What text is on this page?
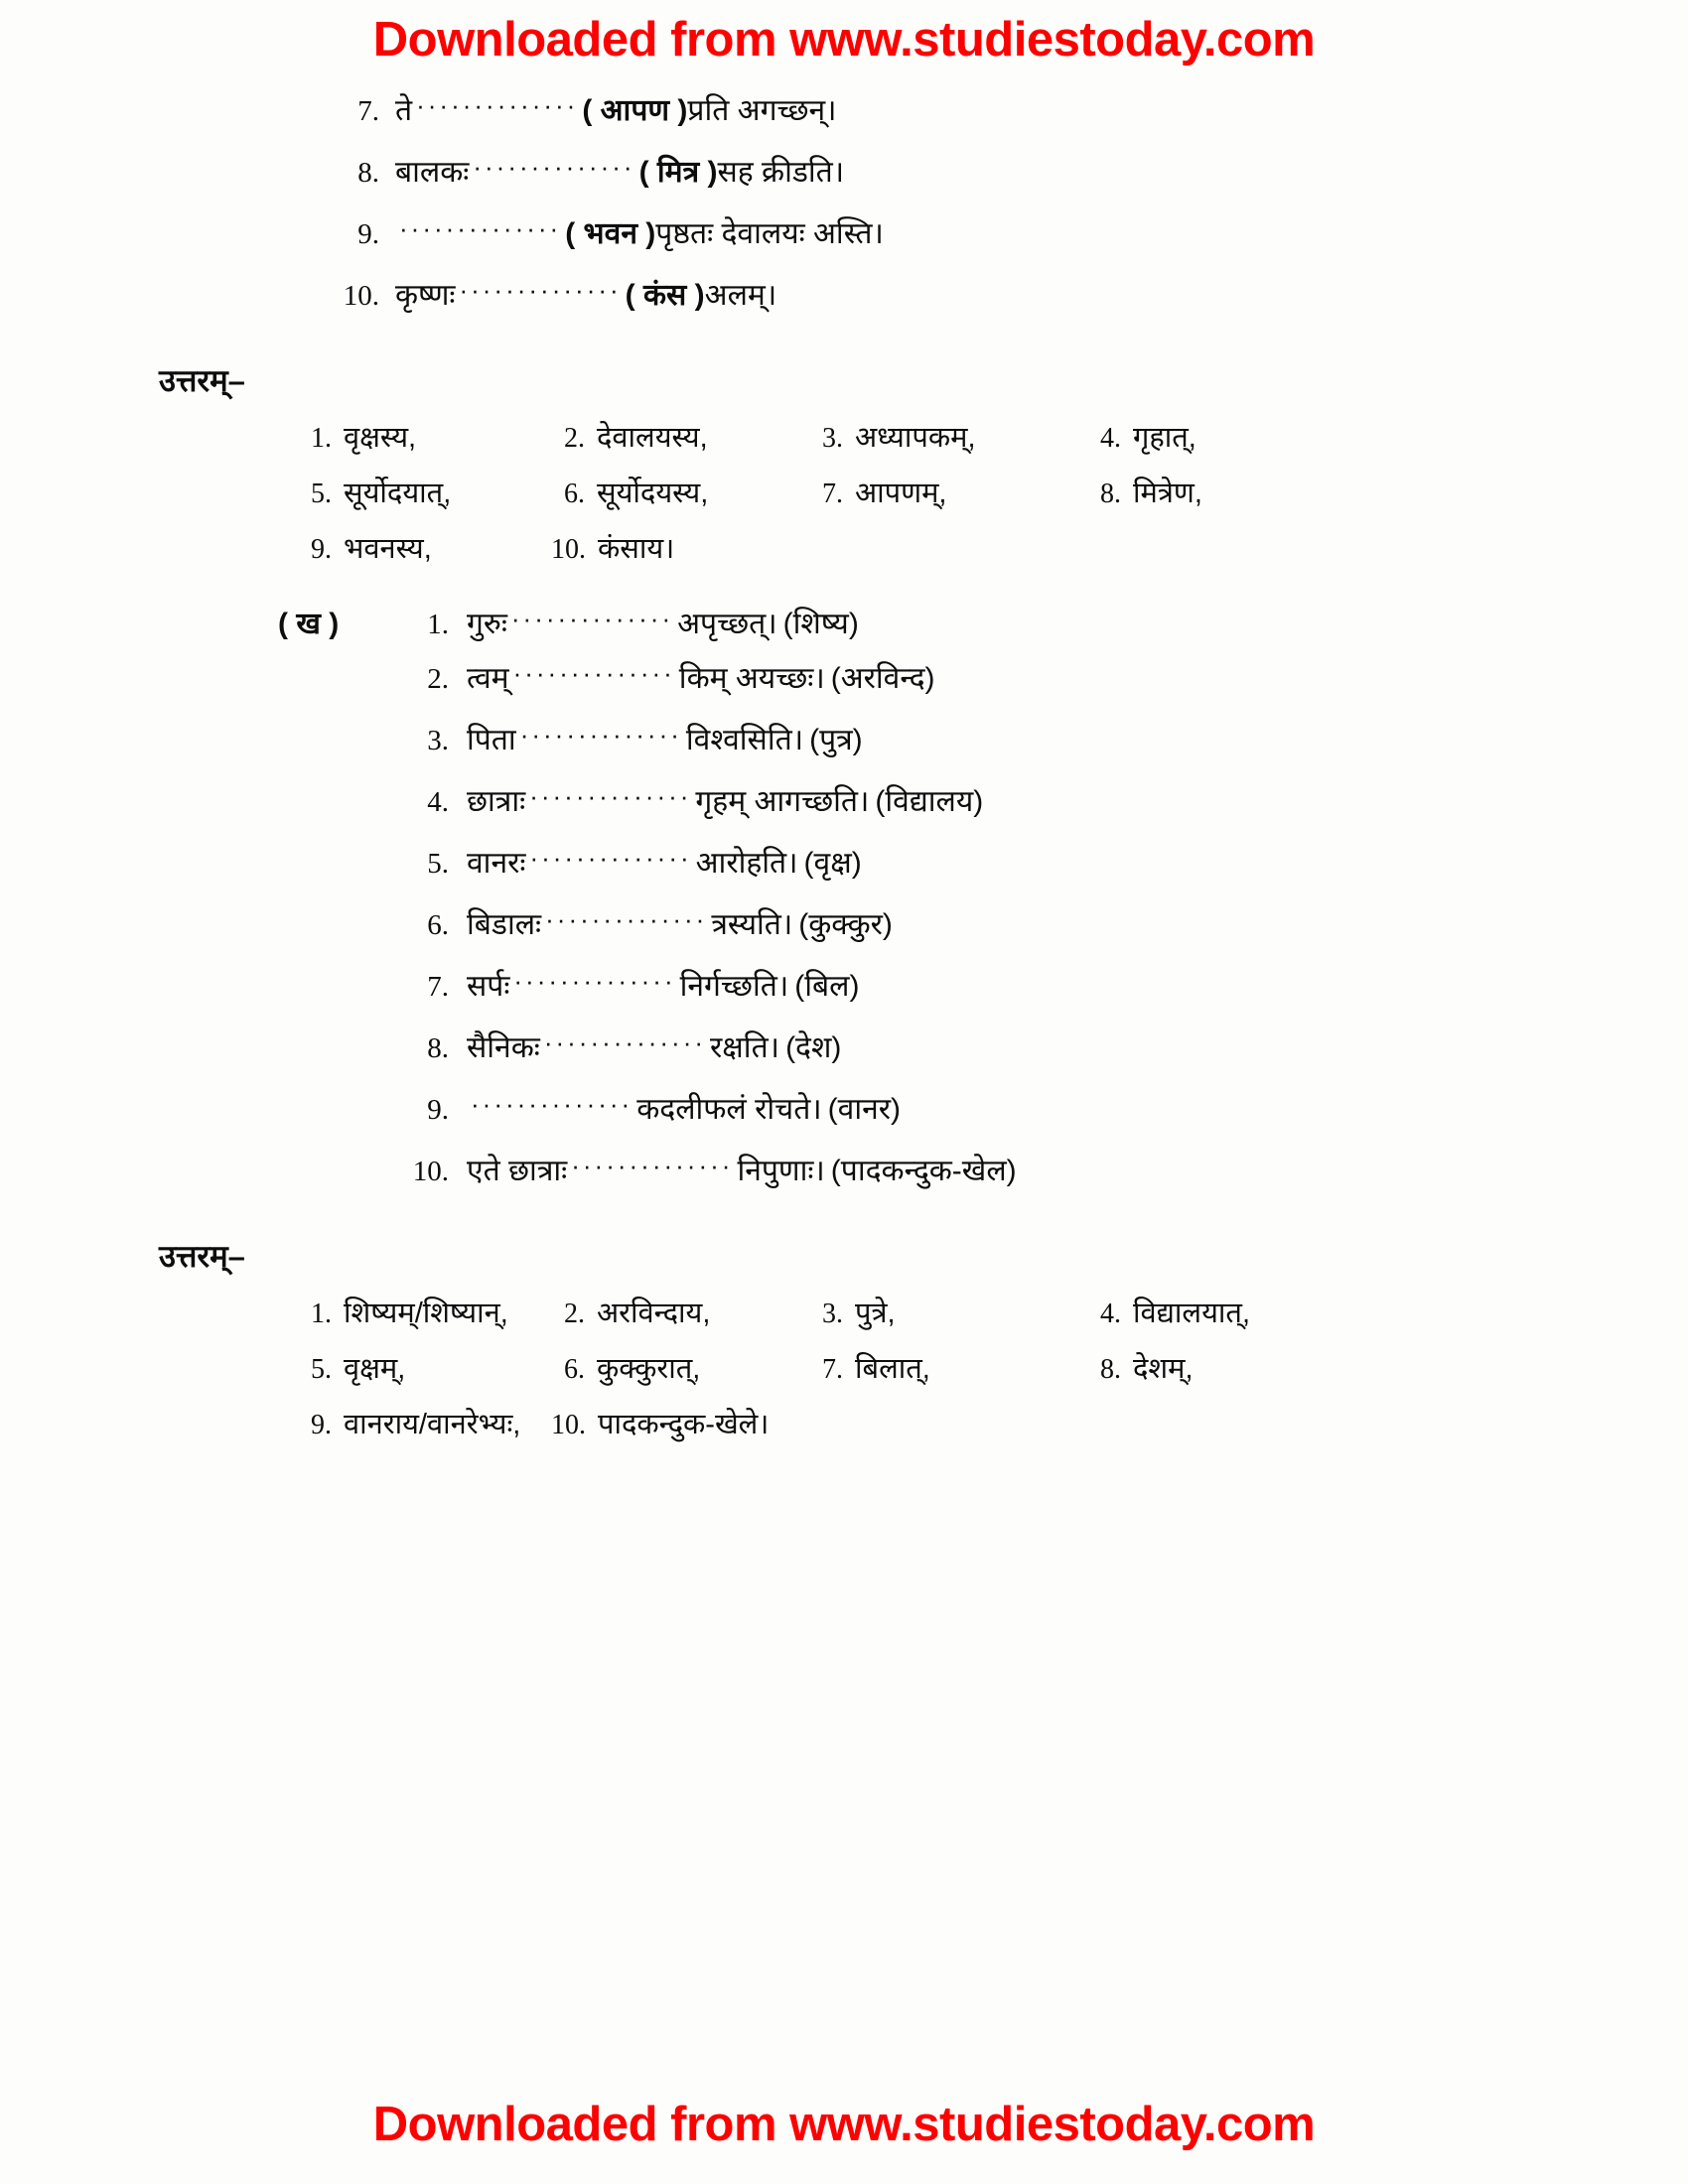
Downloaded from www.studiestoday.com
7. ते ·············· ( आपण )प्रति अगच्छन्।
8. बालकः ·············· ( मित्र )सह क्रीडति।
9. ·············· ( भवन )पृष्ठतः देवालयः अस्ति।
10. कृष्णः ·············· ( कंस )अलम्।
उत्तरम्–
1. वृक्षस्य,	2. देवालयस्य,	3. अध्यापकम्,	4. गृहात्,
5. सूर्योदयात्,	6. सूर्योदयस्य,	7. आपणम्,	8. मित्रेण,
9. भवनस्य,	10. कंसाय।
( ख )	1. गुरुः ·············· अपृच्छत्। (शिष्य)
2. त्वम् ·············· किम् अयच्छः। (अरविन्द)
3. पिता ·············· विश्वसिति। (पुत्र)
4. छात्राः ·············· गृहम् आगच्छति। (विद्यालय)
5. वानरः ·············· आरोहति। (वृक्ष)
6. बिडालः ·············· त्रस्यति। (कुक्कुर)
7. सर्पः ·············· निर्गच्छति। (बिल)
8. सैनिकः ·············· रक्षति। (देश)
9. ·············· कदलीफलं रोचते। (वानर)
10. एते छात्राः ·············· निपुणाः। (पादकन्दुक-खेल)
उत्तरम्–
1. शिष्यम्/शिष्यान्,	2. अरविन्दाय,	3. पुत्रे,	4. विद्यालयात्,
5. वृक्षम्,	6. कुक्कुरात्,	7. बिलात्,	8. देशम्,
9. वानराय/वानरेभ्यः, 10. पादकन्दुक-खेले।
Downloaded from www.studiestoday.com
